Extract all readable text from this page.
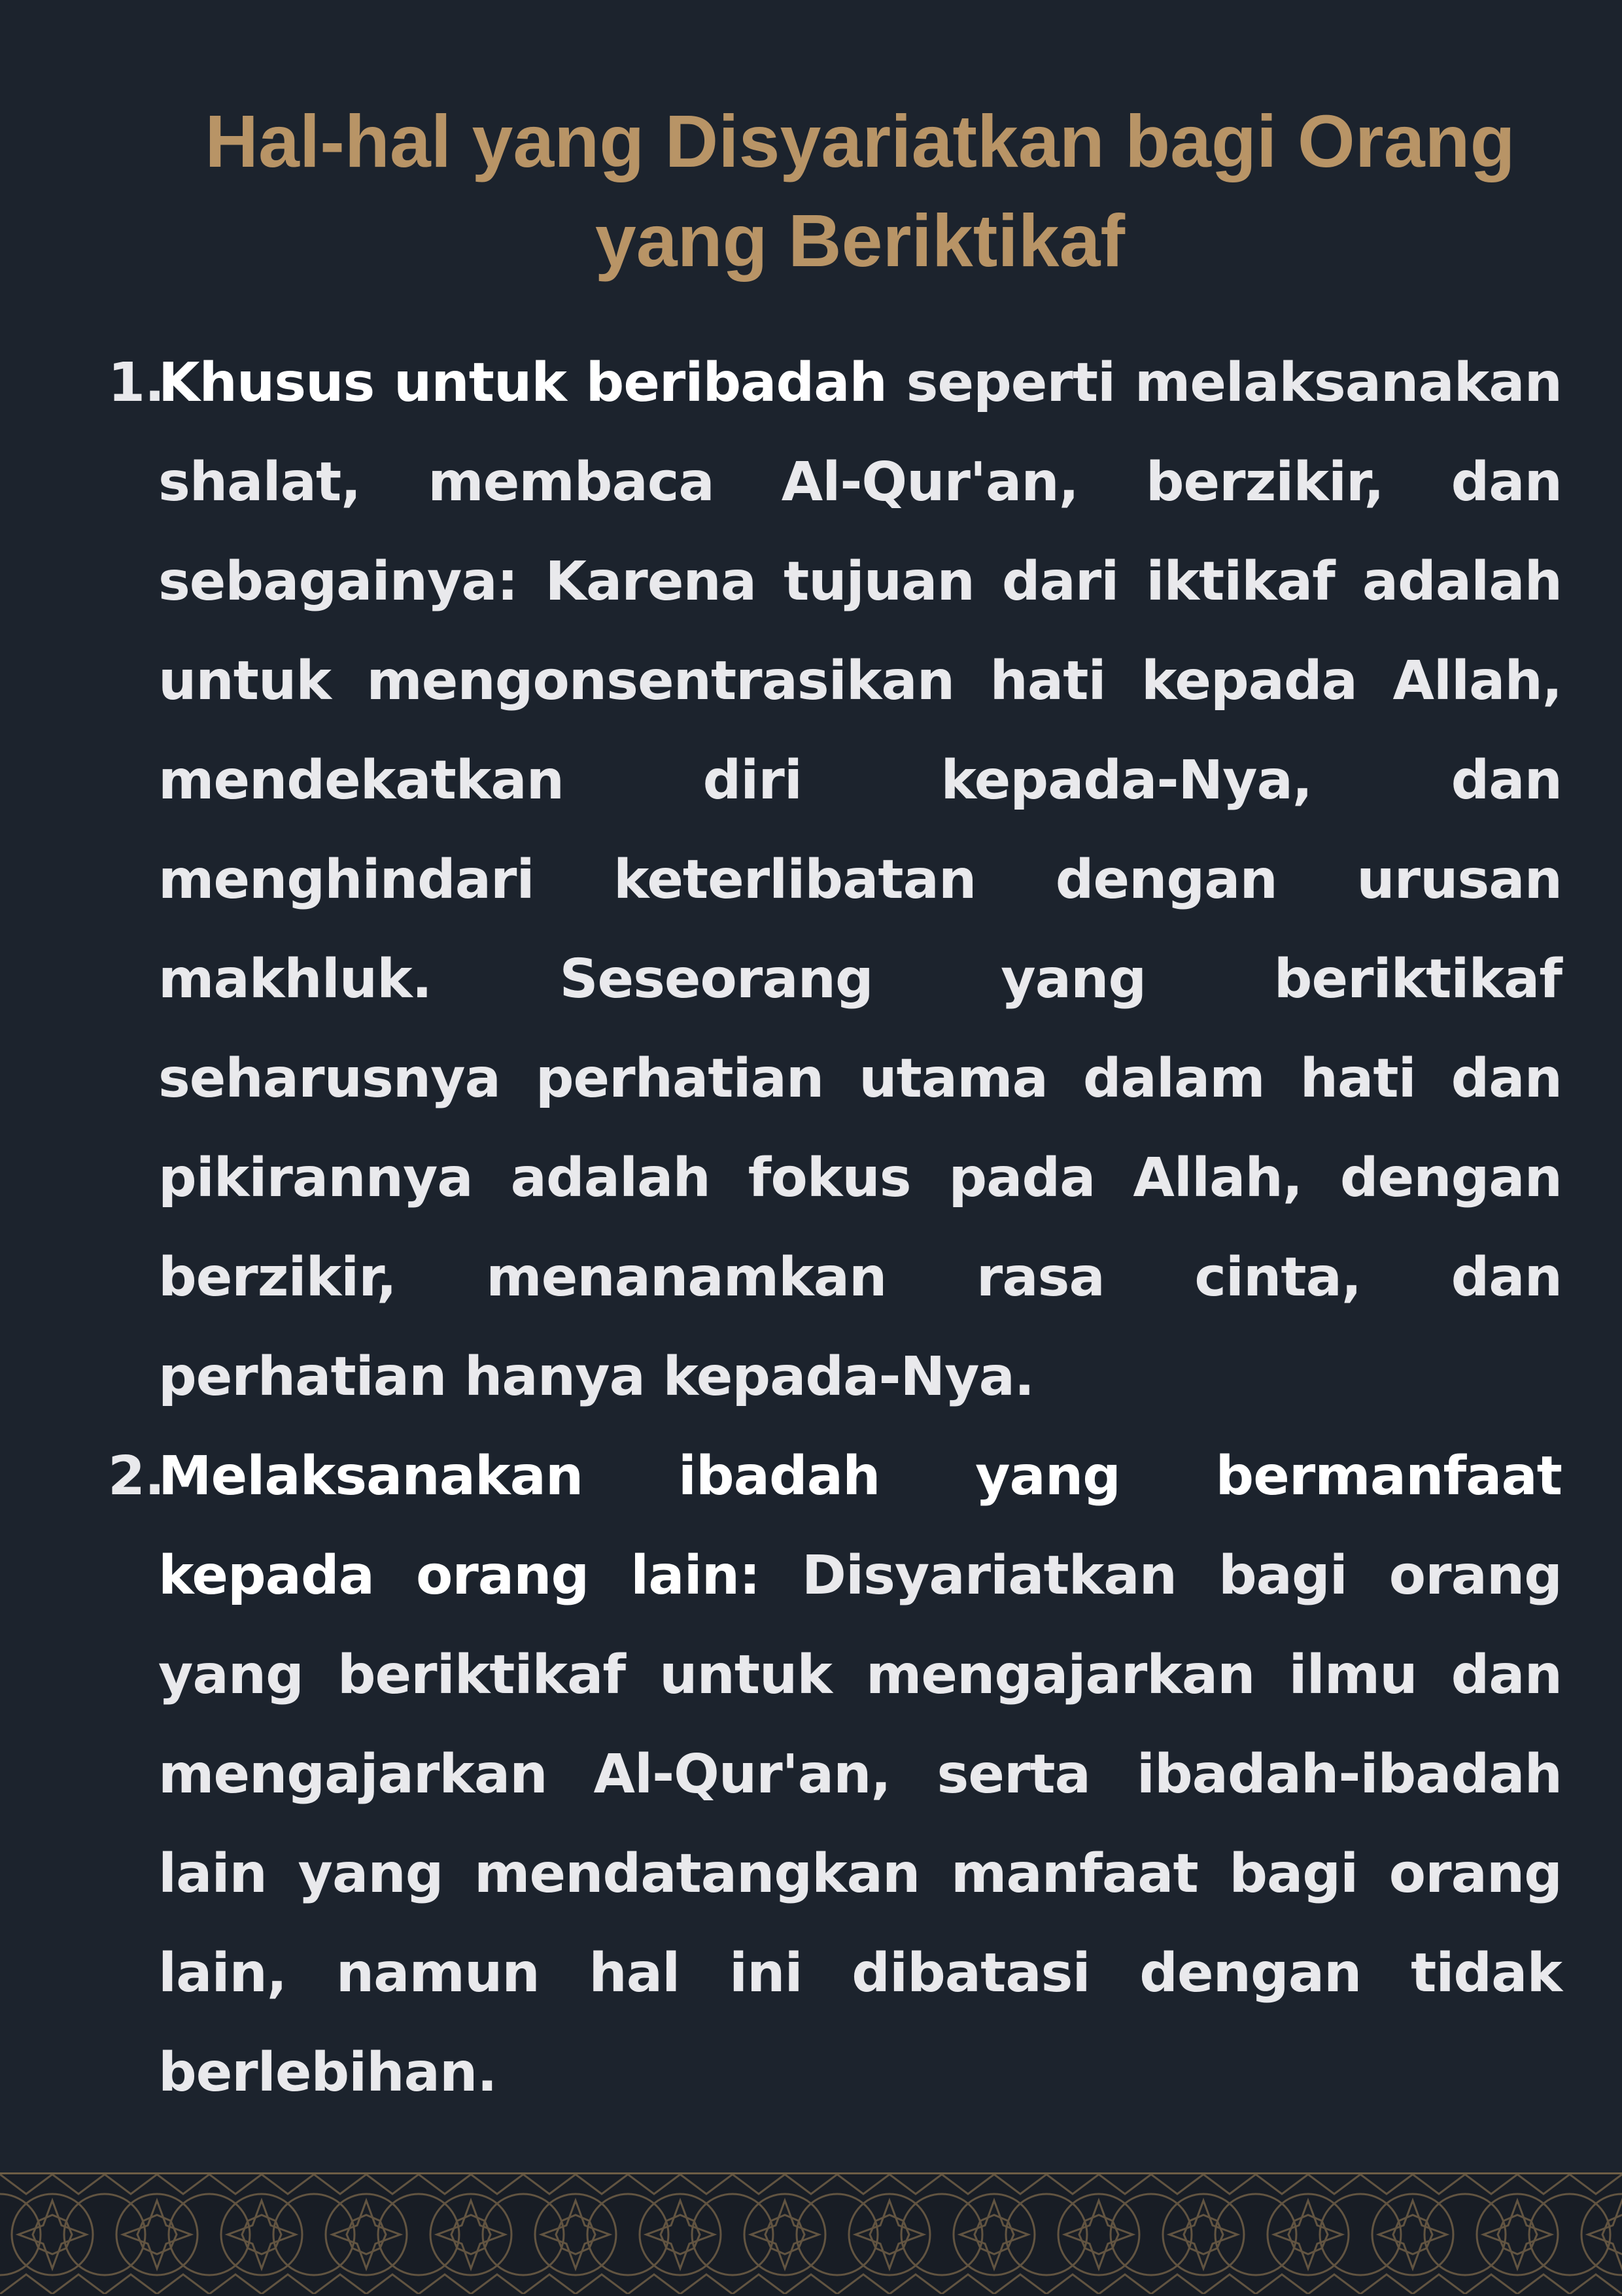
Hal-hal yang Disyariatkan bagi Orang
yang Beriktikaf
1.
Khusus untuk beribadah seperti melaksanakan shalat, membaca Al-Qur'an, berzikir, dan sebagainya: Karena tujuan dari iktikaf adalah untuk mengonsentrasikan hati kepada Allah, mendekatkan diri kepada-Nya, dan menghindari keterlibatan dengan urusan makhluk. Seseorang yang beriktikaf seharusnya perhatian utama dalam hati dan pikirannya adalah fokus pada Allah, dengan berzikir, menanamkan rasa cinta, dan perhatian hanya kepada-Nya.
2.
Melaksanakan ibadah yang bermanfaat kepada orang lain: Disyariatkan bagi orang yang beriktikaf untuk mengajarkan ilmu dan mengajarkan Al-Qur'an, serta ibadah-ibadah lain yang mendatangkan manfaat bagi orang lain, namun hal ini dibatasi dengan tidak berlebihan.
